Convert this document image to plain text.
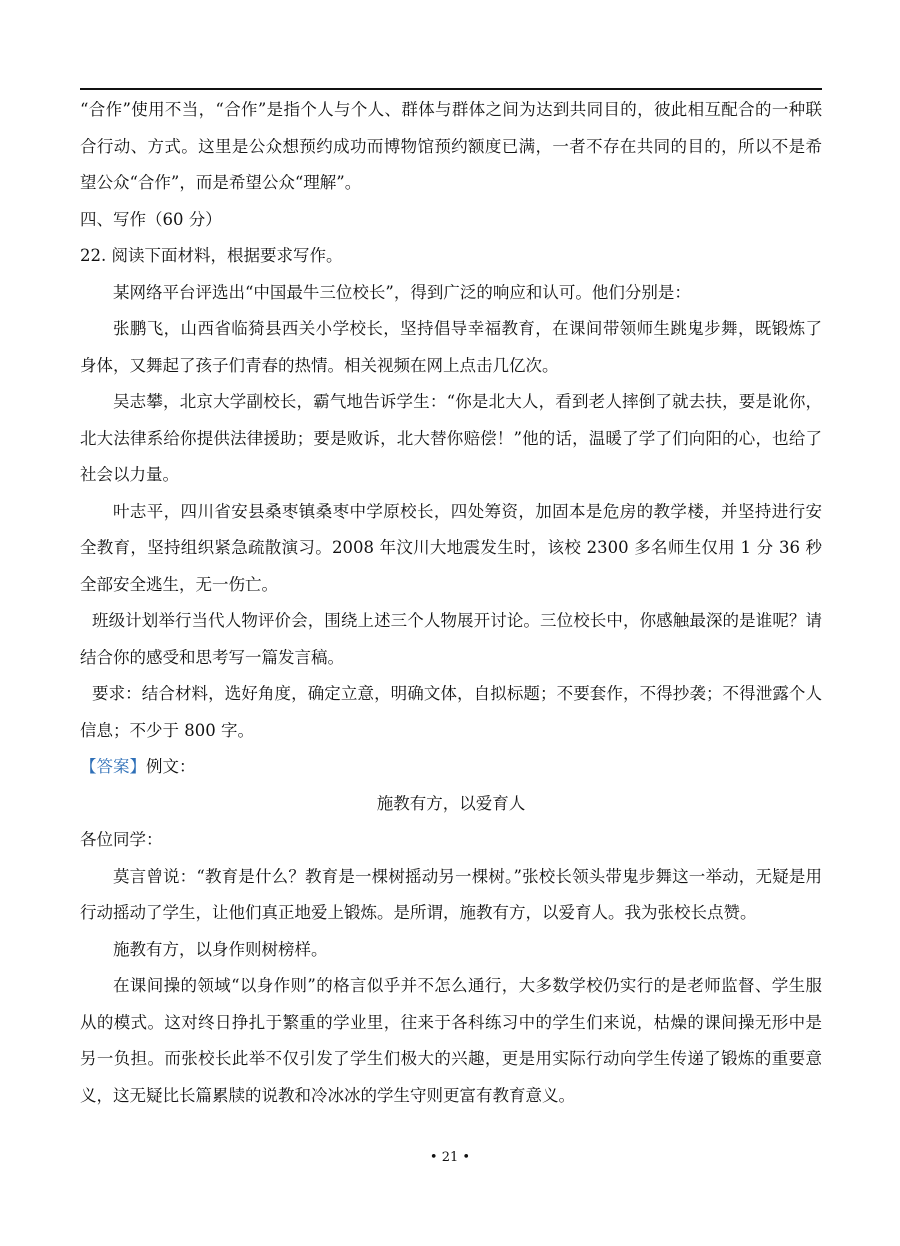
“合作”使用不当，“合作”是指个人与个人、群体与群体之间为达到共同目的，彼此相互配合的一种联合行动、方式。这里是公众想预约成功而博物馆预约额度已满，一者不存在共同的目的，所以不是希望公众“合作”，而是希望公众“理解”。

四、写作（60 分）

22. 阅读下面材料，根据要求写作。

某网络平台评选出“中国最牛三位校长”，得到广泛的响应和认可。他们分别是：

张鹏飞，山西省临猗县西关小学校长，坚持倡导幸福教育，在课间带领师生跳鬼步舞，既锻炼了身体，又舞起了孩子们青春的热情。相关视频在网上点击几亿次。

吴志攀，北京大学副校长，霸气地告诉学生：“你是北大人，看到老人摔倒了就去扶，要是讹你，北大法律系给你提供法律援助；要是败诉，北大替你赔偿！”他的话，温暖了学了们向阳的心，也给了社会以力量。

叶志平，四川省安县桑枣镇桑枣中学原校长，四处筹资，加固本是危房的教学楼，并坚持进行安全教育，坚持组织紧急疏散演习。2008 年汶川大地震发生时，该校 2300 多名师生仅用 1 分 36 秒全部安全逃生，无一伤亡。

班级计划举行当代人物评价会，围绕上述三个人物展开讨论。三位校长中，你感触最深的是谁呢？请结合你的感受和思考写一篇发言稿。

要求：结合材料，选好角度，确定立意，明确文体，自拟标题；不要套作，不得抄袭；不得泄露个人信息；不少于 800 字。

【答案】例文：

施教有方，以爱育人

各位同学：

莫言曾说：“教育是什么？教育是一棵树摇动另一棵树。”张校长领头带鬼步舞这一举动，无疑是用行动摇动了学生，让他们真正地爱上锻炼。是所谓，施教有方，以爱育人。我为张校长点赞。

施教有方，以身作则树榜样。

在课间操的领域“以身作则”的格言似乎并不怎么通行，大多数学校仍实行的是老师监督、学生服从的模式。这对终日挣扎于繁重的学业里，往来于各科练习中的学生们来说，枯燥的课间操无形中是另一负担。而张校长此举不仅引发了学生们极大的兴趣，更是用实际行动向学生传递了锻炼的重要意义，这无疑比长篇累牍的说教和冷冰冰的学生守则更富有教育意义。

• 21 •
